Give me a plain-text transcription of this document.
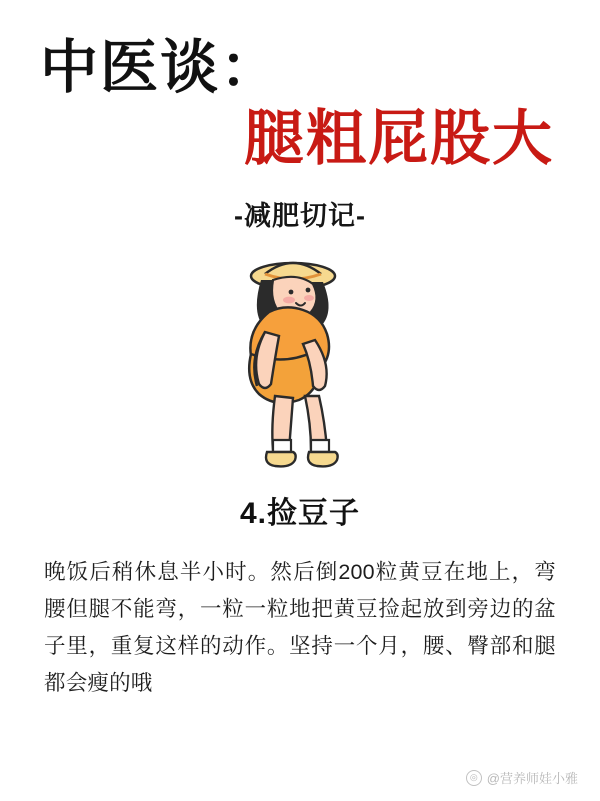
中医谈：
腿粗屁股大
-减肥切记-
4.捡豆子
晚饭后稍休息半小时。然后倒200粒黄豆在地上，弯腰但腿不能弯，一粒一粒地把黄豆捡起放到旁边的盆子里，重复这样的动作。坚持一个月，腰、臀部和腿都会瘦的哦
◎ @营养师娃小雅
